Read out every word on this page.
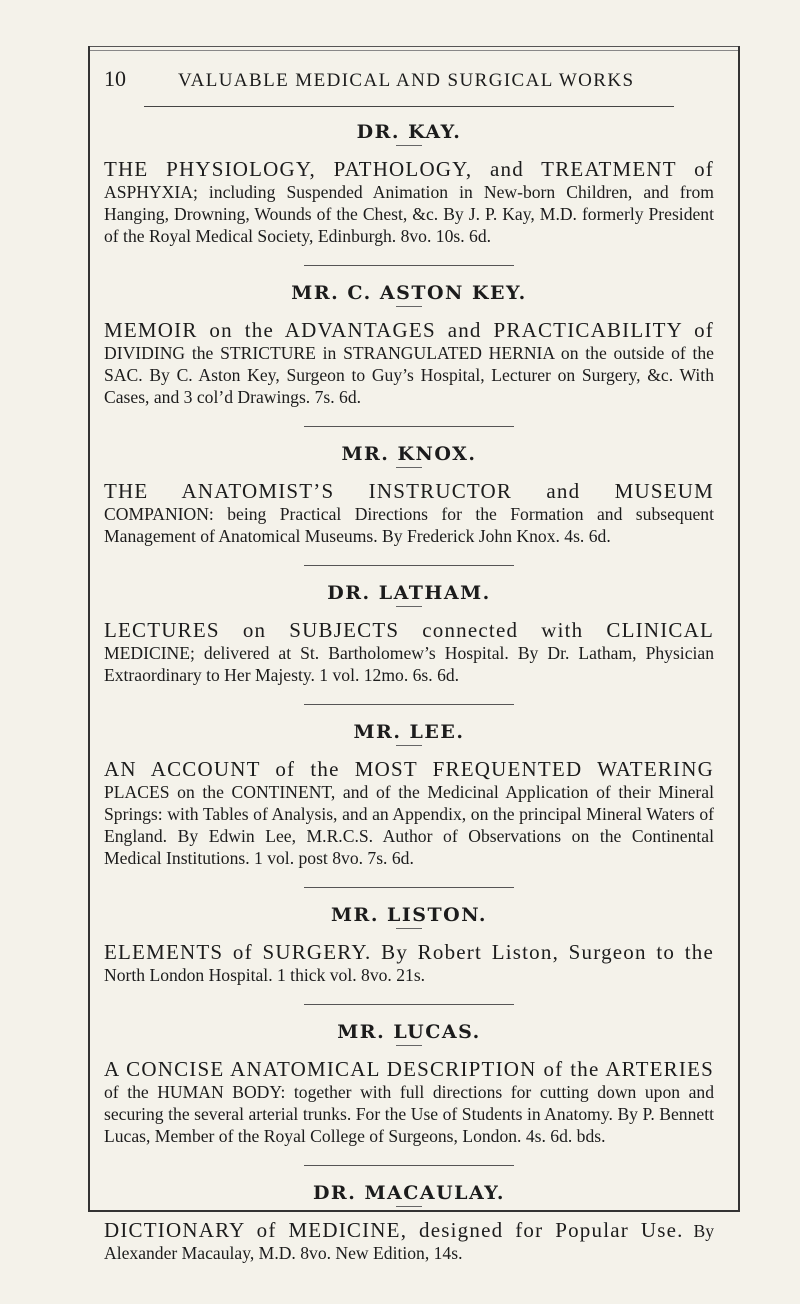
10	VALUABLE MEDICAL AND SURGICAL WORKS
DR. KAY.

THE PHYSIOLOGY, PATHOLOGY, and TREATMENT of ASPHYXIA; including Suspended Animation in New-born Children, and from Hanging, Drowning, Wounds of the Chest, &c. By J. P. Kay, M.D. formerly President of the Royal Medical Society, Edinburgh. 8vo. 10s. 6d.

MR. C. ASTON KEY.

MEMOIR on the ADVANTAGES and PRACTICABILITY of DIVIDING the STRICTURE in STRANGULATED HERNIA on the outside of the SAC. By C. Aston Key, Surgeon to Guy’s Hospital, Lecturer on Surgery, &c. With Cases, and 3 col’d Drawings. 7s. 6d.

MR. KNOX.

THE ANATOMIST’S INSTRUCTOR and MUSEUM COMPANION: being Practical Directions for the Formation and subsequent Management of Anatomical Museums. By Frederick John Knox. 4s. 6d.

DR. LATHAM.

LECTURES on SUBJECTS connected with CLINICAL MEDICINE; delivered at St. Bartholomew’s Hospital. By Dr. Latham, Physician Extraordinary to Her Majesty. 1 vol. 12mo. 6s. 6d.

MR. LEE.

AN ACCOUNT of the MOST FREQUENTED WATERING PLACES on the CONTINENT, and of the Medicinal Application of their Mineral Springs: with Tables of Analysis, and an Appendix, on the principal Mineral Waters of England. By Edwin Lee, M.R.C.S. Author of Observations on the Continental Medical Institutions. 1 vol. post 8vo. 7s. 6d.

MR. LISTON.

ELEMENTS of SURGERY. By Robert Liston, Surgeon to the North London Hospital. 1 thick vol. 8vo. 21s.

MR. LUCAS.

A CONCISE ANATOMICAL DESCRIPTION of the ARTERIES of the HUMAN BODY: together with full directions for cutting down upon and securing the several arterial trunks. For the Use of Students in Anatomy. By P. Bennett Lucas, Member of the Royal College of Surgeons, London. 4s. 6d. bds.

DR. MACAULAY.

DICTIONARY of MEDICINE, designed for Popular Use. By Alexander Macaulay, M.D. 8vo. New Edition, 14s.
